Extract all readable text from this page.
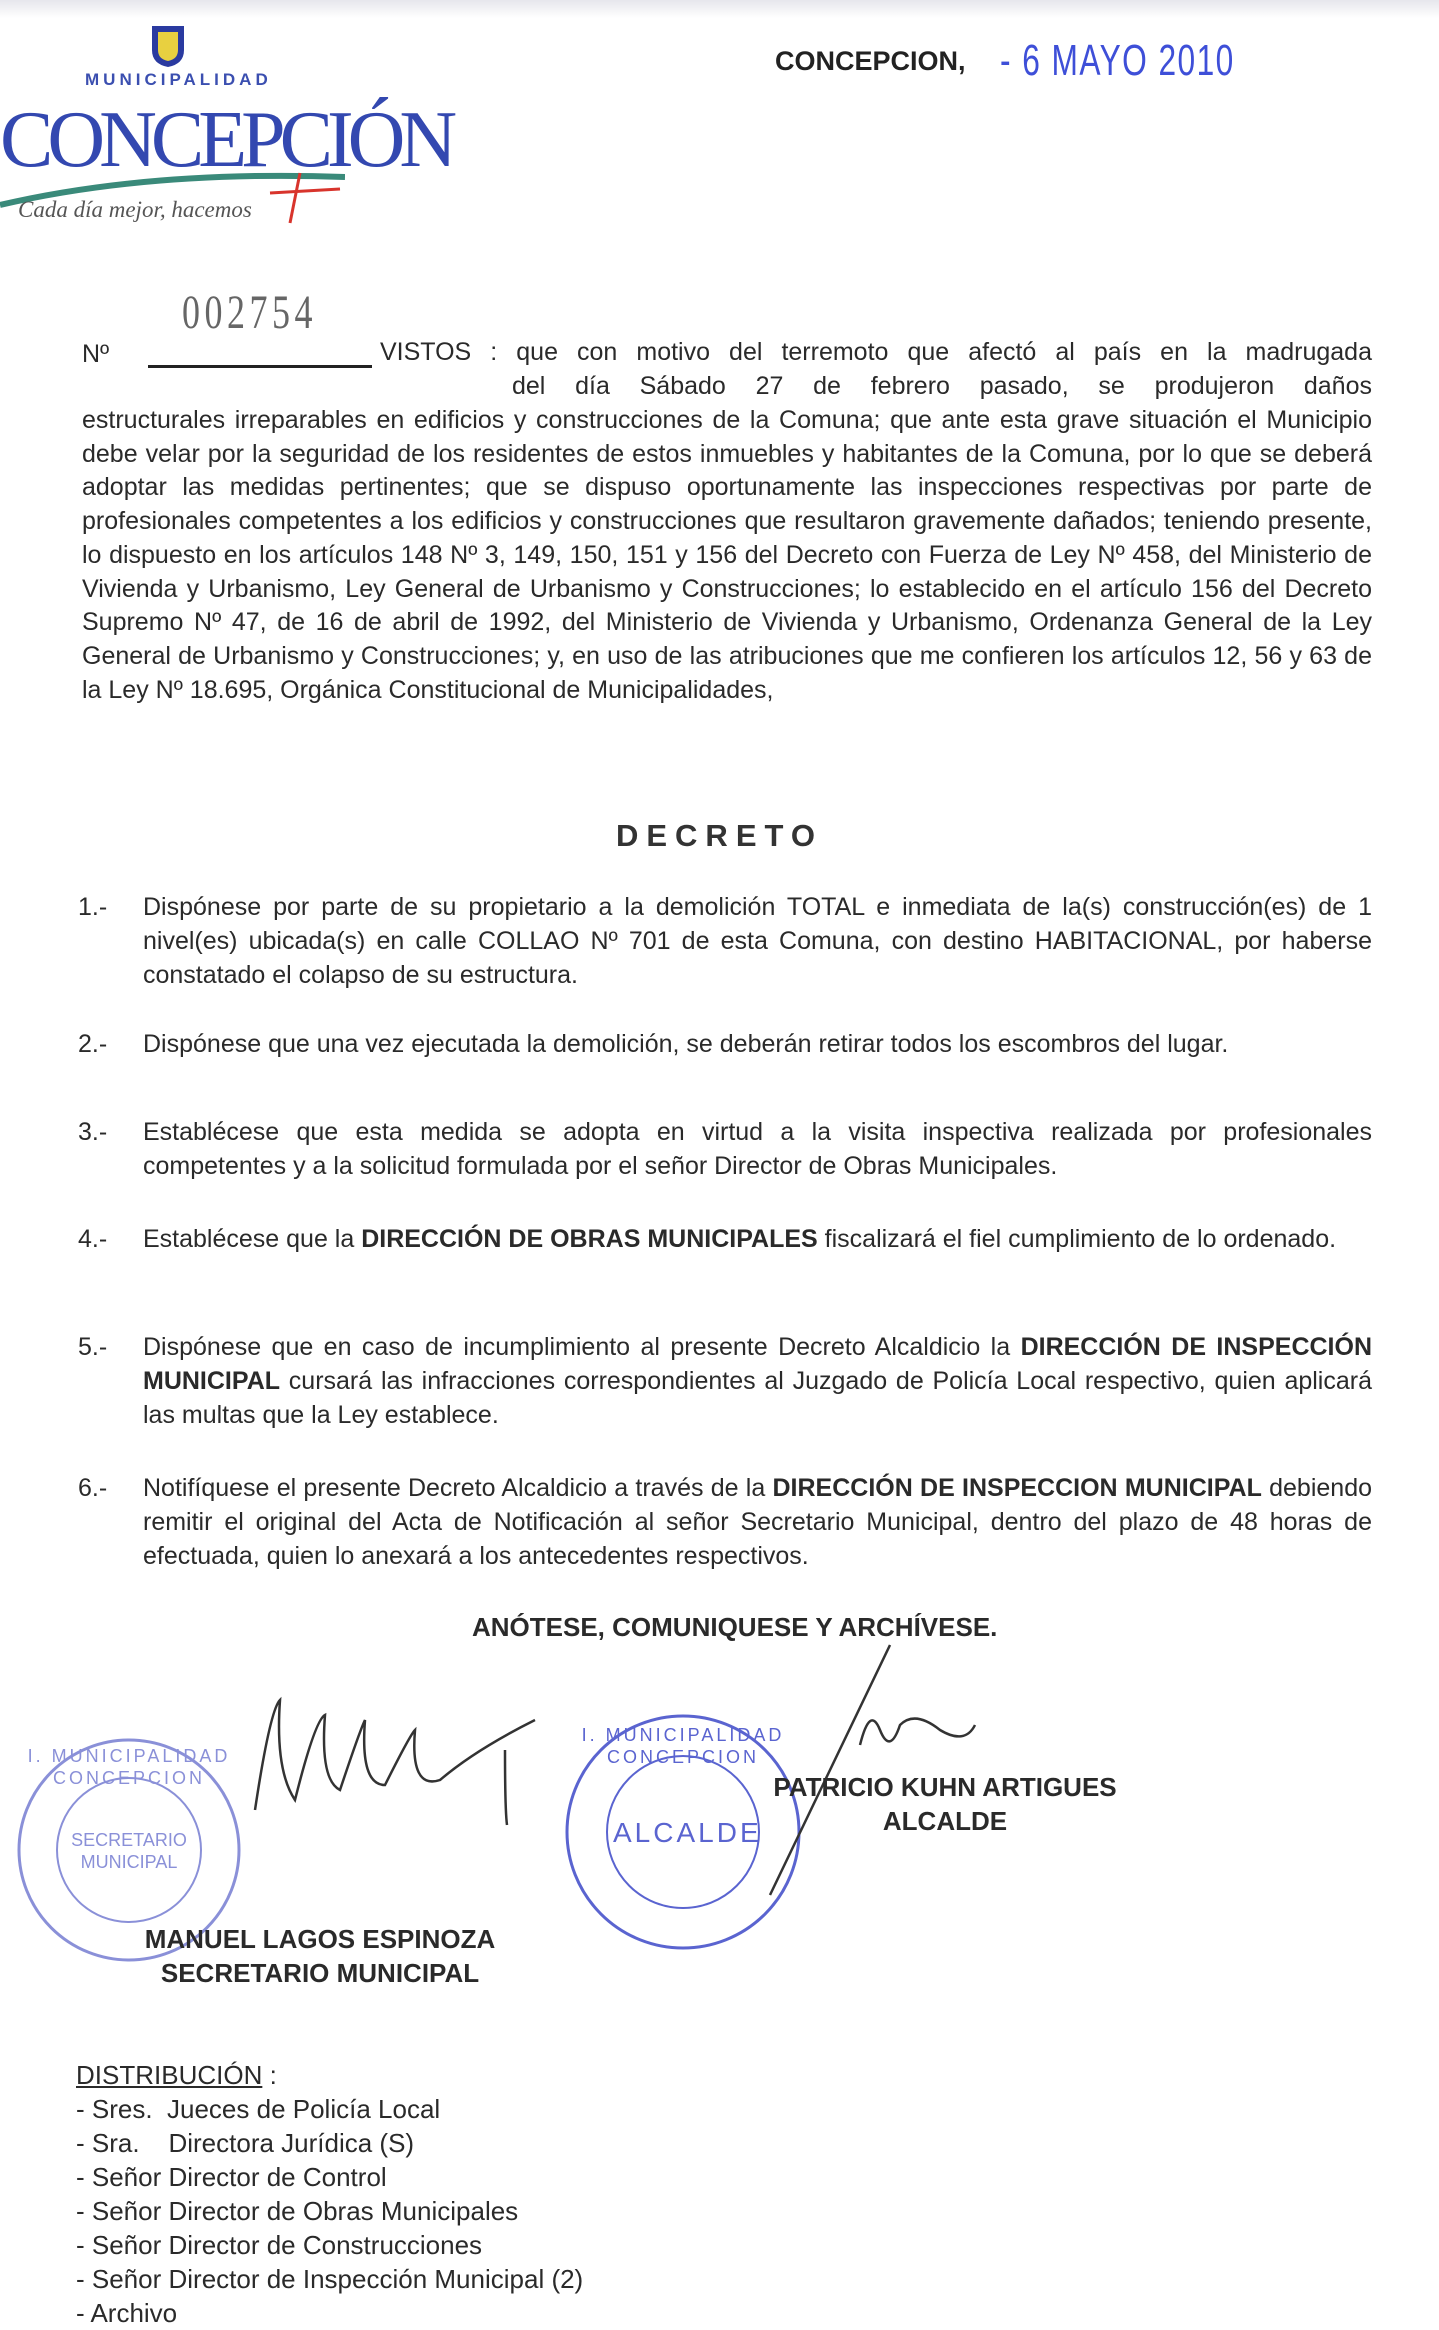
MUNICIPALIDAD
CONCEPCIÓN
Cada día mejor, hacemos
CONCEPCION, - 6 MAYO 2010
002754
Nº	VISTOS : que con motivo del terremoto que afectó al país en la madrugada
del día Sábado 27 de febrero pasado, se produjeron daños
estructurales irreparables en edificios y construcciones de la Comuna; que ante esta grave situación el Municipio debe velar por la seguridad de los residentes de estos inmuebles y habitantes de la Comuna, por lo que se deberá adoptar las medidas pertinentes; que se dispuso oportunamente las inspecciones respectivas por parte de profesionales competentes a los edificios y construcciones que resultaron gravemente dañados; teniendo presente, lo dispuesto en los artículos 148 Nº 3, 149, 150, 151 y 156 del Decreto con Fuerza de Ley Nº 458, del Ministerio de Vivienda y Urbanismo, Ley General de Urbanismo y Construcciones; lo establecido en el artículo 156 del Decreto Supremo Nº 47, de 16 de abril de 1992, del Ministerio de Vivienda y Urbanismo, Ordenanza General de la Ley General de Urbanismo y Construcciones; y, en uso de las atribuciones que me confieren los artículos 12, 56 y 63 de la Ley Nº 18.695, Orgánica Constitucional de Municipalidades,
DECRETO
1.- Dispónese por parte de su propietario a la demolición TOTAL e inmediata de la(s) construcción(es) de 1 nivel(es) ubicada(s) en calle COLLAO Nº 701 de esta Comuna, con destino HABITACIONAL, por haberse constatado el colapso de su estructura.
2.- Dispónese que una vez ejecutada la demolición, se deberán retirar todos los escombros del lugar.
3.- Establécese que esta medida se adopta en virtud a la visita inspectiva realizada por profesionales competentes y a la solicitud formulada por el señor Director de Obras Municipales.
4.- Establécese que la DIRECCIÓN DE OBRAS MUNICIPALES fiscalizará el fiel cumplimiento de lo ordenado.
5.- Dispónese que en caso de incumplimiento al presente Decreto Alcaldicio la DIRECCIÓN DE INSPECCIÓN MUNICIPAL cursará las infracciones correspondientes al Juzgado de Policía Local respectivo, quien aplicará las multas que la Ley establece.
6.- Notifíquese el presente Decreto Alcaldicio a través de la DIRECCIÓN DE INSPECCION MUNICIPAL debiendo remitir el original del Acta de Notificación al señor Secretario Municipal, dentro del plazo de 48 horas de efectuada, quien lo anexará a los antecedentes respectivos.
ANÓTESE, COMUNIQUESE Y ARCHÍVESE.
I. MUNICIPALIDAD CONCEPCION
SECRETARIO MUNICIPAL
I. MUNICIPALIDAD CONCEPCION
ALCALDE
PATRICIO KUHN ARTIGUES
ALCALDE
MANUEL LAGOS ESPINOZA
SECRETARIO MUNICIPAL
DISTRIBUCIÓN :
- Sres.  Jueces de Policía Local
- Sra.    Directora Jurídica (S)
- Señor Director de Control
- Señor Director de Obras Municipales
- Señor Director de Construcciones
- Señor Director de Inspección Municipal (2)
- Archivo
